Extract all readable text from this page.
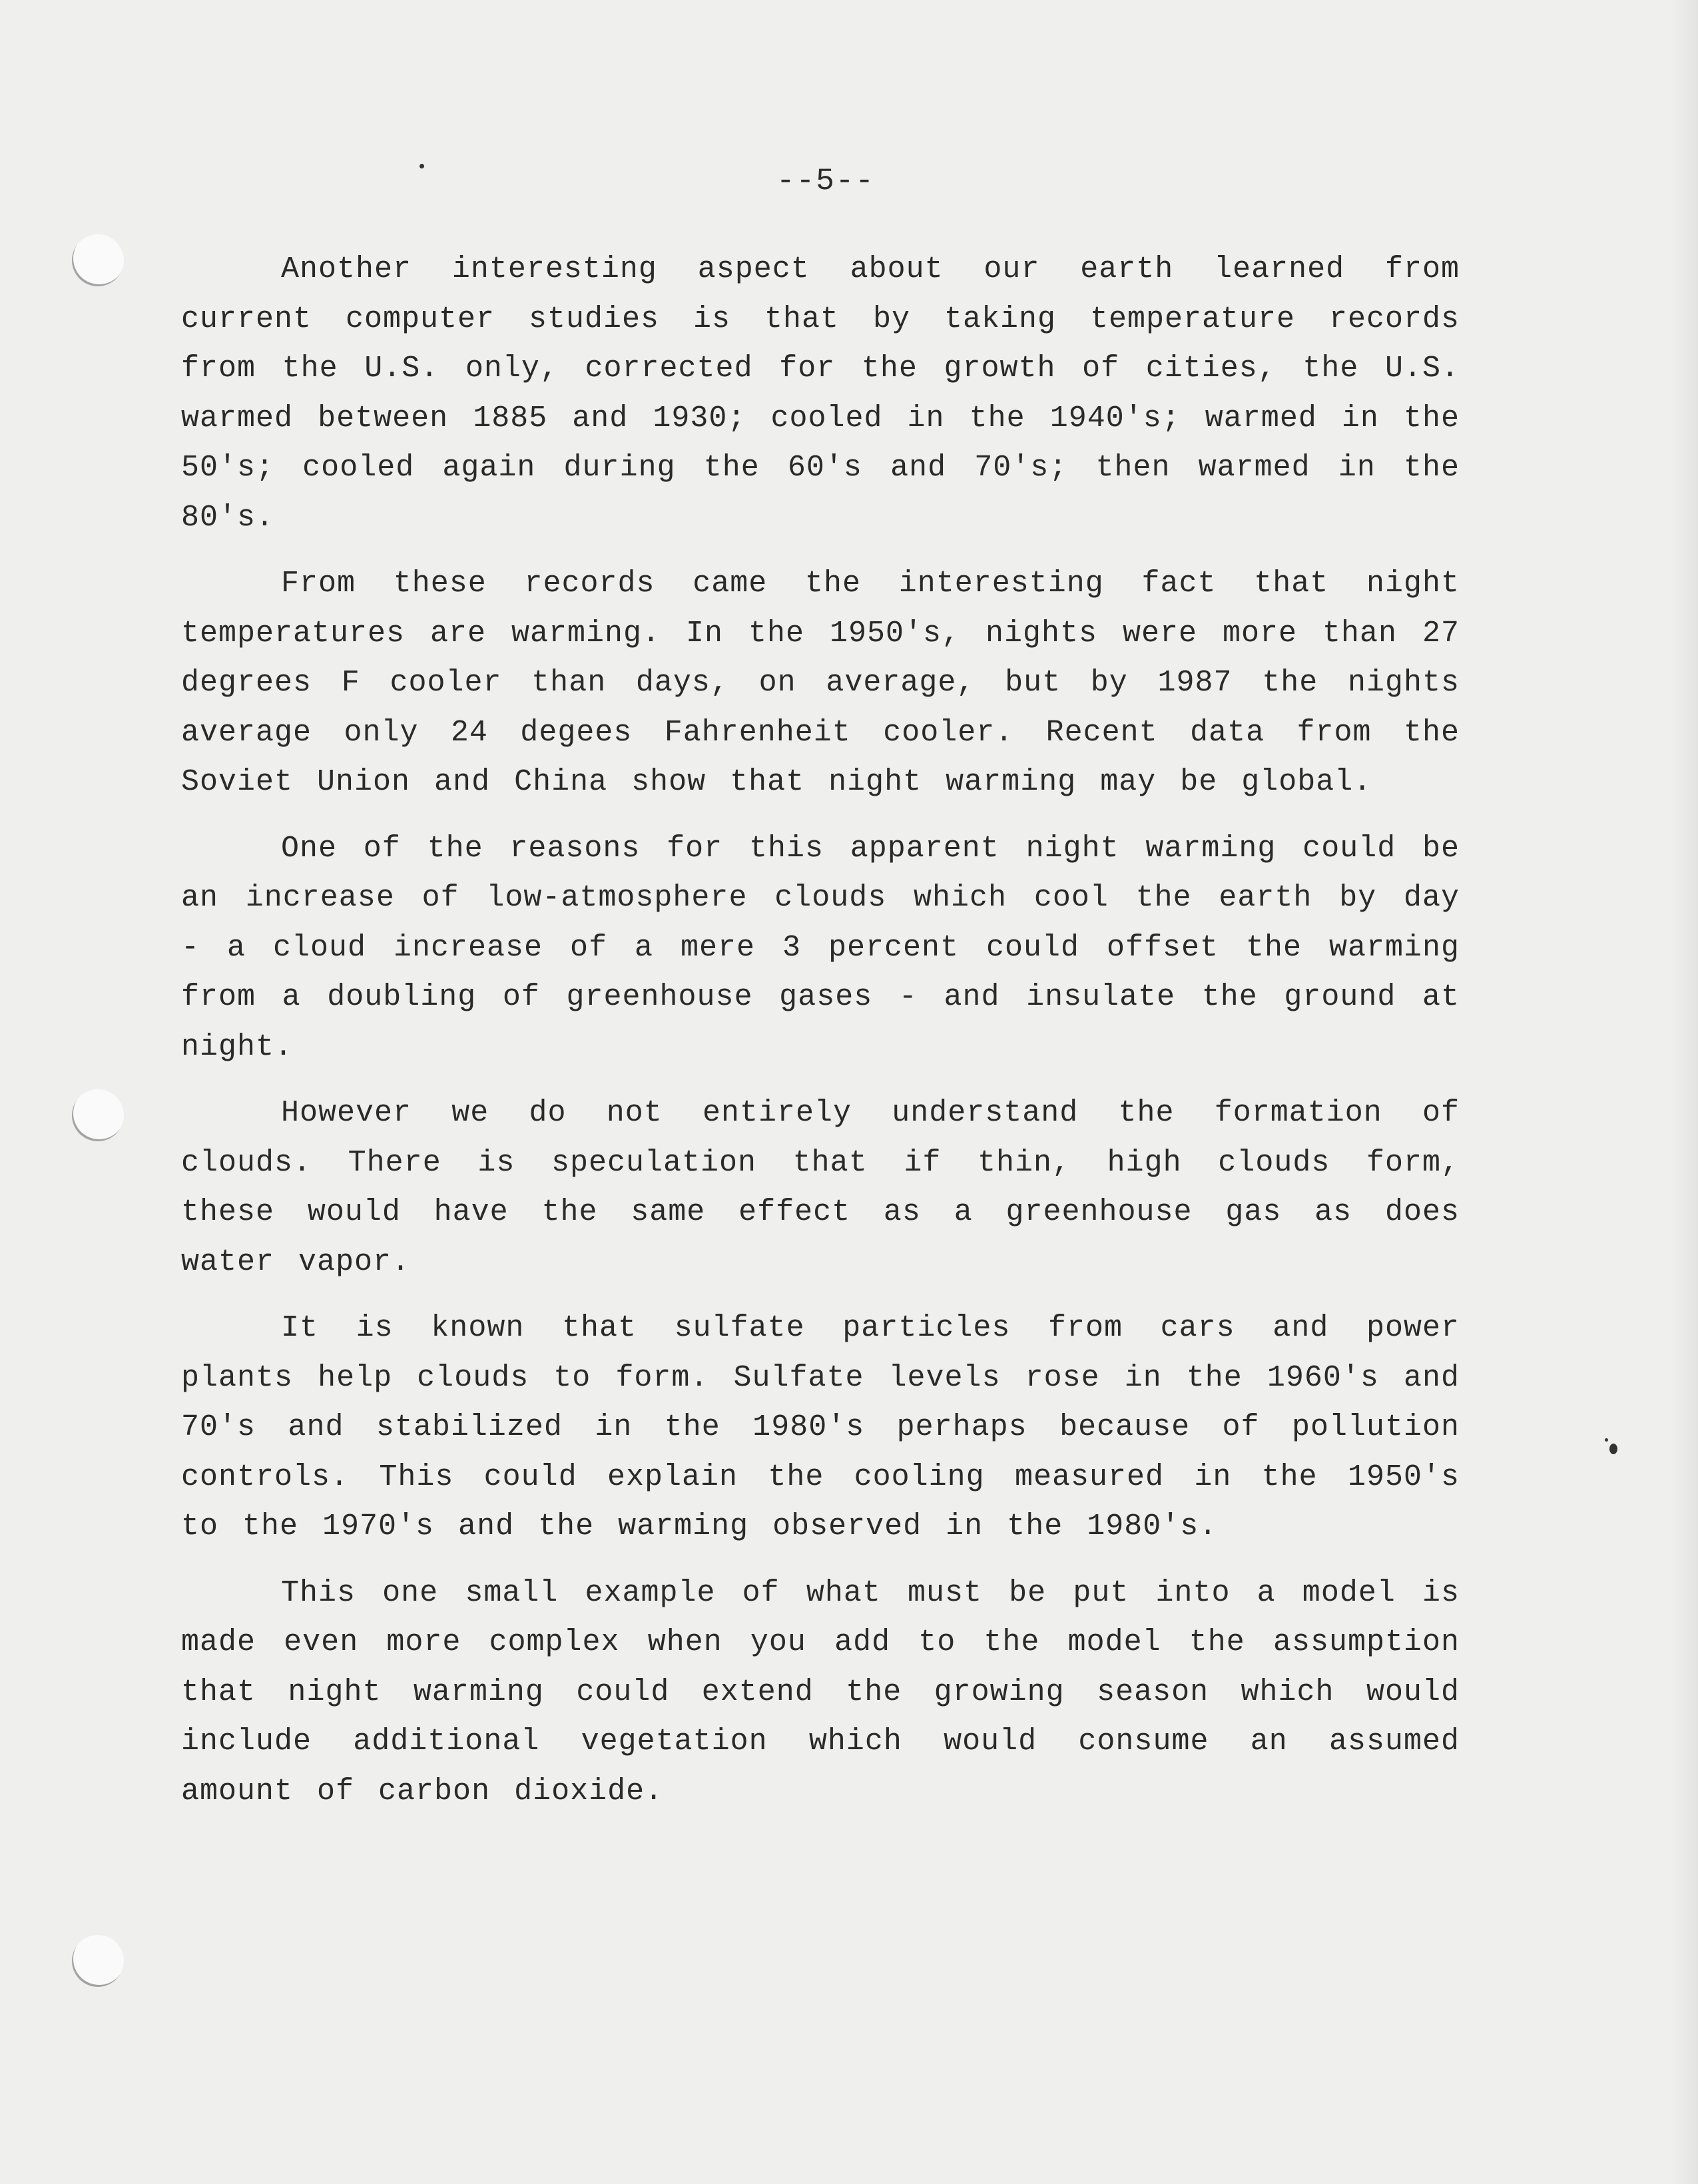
--5--

Another interesting aspect about our earth learned from current computer studies is that by taking temperature records from the U.S. only, corrected for the growth of cities, the U.S. warmed between 1885 and 1930; cooled in the 1940's; warmed in the 50's; cooled again during the 60's and 70's; then warmed in the 80's.

From these records came the interesting fact that night temperatures are warming. In the 1950's, nights were more than 27 degrees F cooler than days, on average, but by 1987 the nights average only 24 degees Fahrenheit cooler. Recent data from the Soviet Union and China show that night warming may be global.

One of the reasons for this apparent night warming could be an increase of low-atmosphere clouds which cool the earth by day - a cloud increase of a mere 3 percent could offset the warming from a doubling of greenhouse gases - and insulate the ground at night.

However we do not entirely understand the formation of clouds. There is speculation that if thin, high clouds form, these would have the same effect as a greenhouse gas as does water vapor.

It is known that sulfate particles from cars and power plants help clouds to form. Sulfate levels rose in the 1960's and 70's and stabilized in the 1980's perhaps because of pollution controls. This could explain the cooling measured in the 1950's to the 1970's and the warming observed in the 1980's.

This one small example of what must be put into a model is made even more complex when you add to the model the assumption that night warming could extend the growing season which would include additional vegetation which would consume an assumed amount of carbon dioxide.
